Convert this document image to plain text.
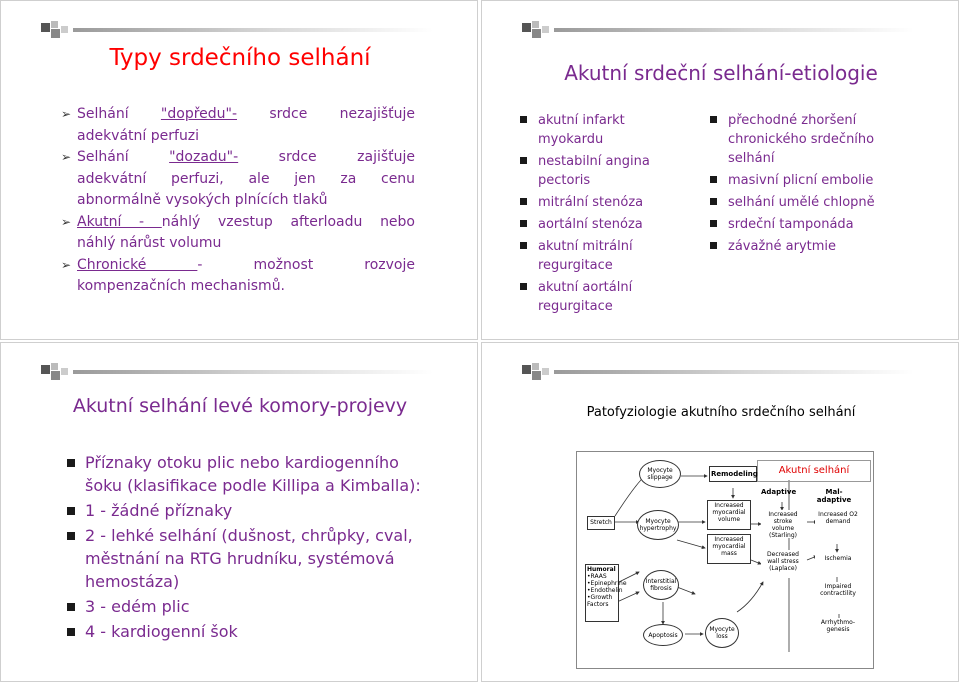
Typy srdečního selhání
➢ Selhání "dopředu"- srdce nezajišťuje
adekvátní perfuzi
➢ Selhání	"dozadu"-	srdce	zajišťuje
adekvátní perfuzi, ale jen za cenu
abnormálně vysokých plnících tlaků
➢ Akutní - náhlý vzestup afterloadu nebo
náhlý nárůst volumu
➢ Chronické -	možnost	rozvoje
kompenzačních mechanismů.
Akutní srdeční selhání-etiologie
akutní infarkt myokardu
nestabilní angina pectoris
mitrální stenóza
aortální stenóza
akutní mitrální regurgitace
akutní aortální regurgitace
přechodné zhoršení chronického srdečního selhání
masivní plicní embolie
selhání umělé chlopně
srdeční tamponáda
závažné arytmie
Akutní selhání levé komory-projevy
Příznaky otoku plic nebo kardiogenního šoku (klasifikace podle Killipa a Kimballa):
1 - žádné příznaky
2 - lehké selhání (dušnost, chrůpky, cval, městnání na RTG hrudníku, systémová hemostáza)
3 - edém plic
4 - kardiogenní šok
Patofyziologie akutního srdečního selhání
Akutní selhání
Myocyte slippage	Remodeling
Stretch	Myocyte hypertrophy
Increased myocardial volume
Increased myocardial mass
Humoral
•RAAS
•Epinephrine
•Endothelin
•Growth
Factors
Interstitial fibrosis
Apoptosis
Myocyte loss
Adaptive	Mal-adaptive
Increased stroke volume (Starling)
Decreased wall stress (Laplace)
Increased O2 demand
Ischemia
Impaired contractility
Arrhythmo-genesis
